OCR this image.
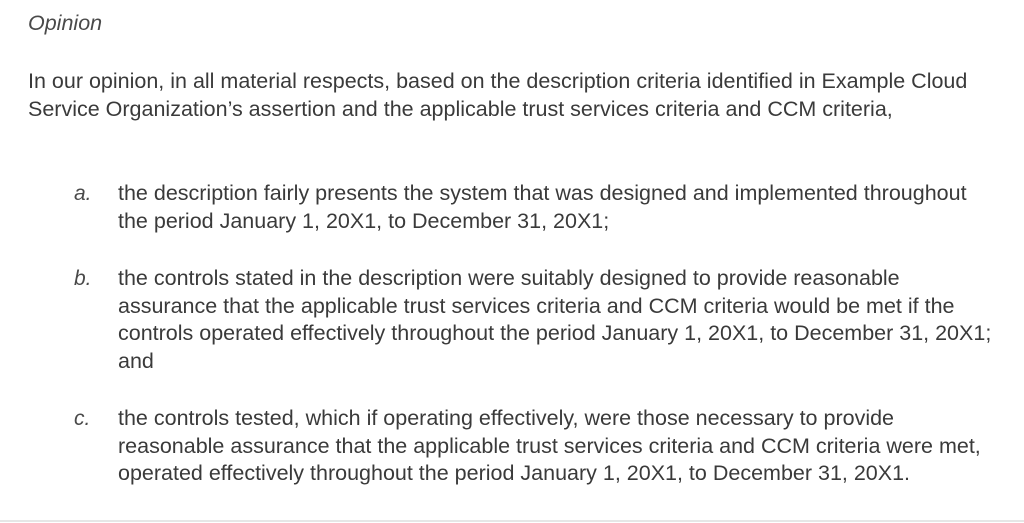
Opinion

In our opinion, in all material respects, based on the description criteria identified in Example Cloud Service Organization’s assertion and the applicable trust services criteria and CCM criteria,

a. the description fairly presents the system that was designed and implemented throughout the period January 1, 20X1, to December 31, 20X1;

b. the controls stated in the description were suitably designed to provide reasonable assurance that the applicable trust services criteria and CCM criteria would be met if the controls operated effectively throughout the period January 1, 20X1, to December 31, 20X1; and

c. the controls tested, which if operating effectively, were those necessary to provide reasonable assurance that the applicable trust services criteria and CCM criteria were met, operated effectively throughout the period January 1, 20X1, to December 31, 20X1.
